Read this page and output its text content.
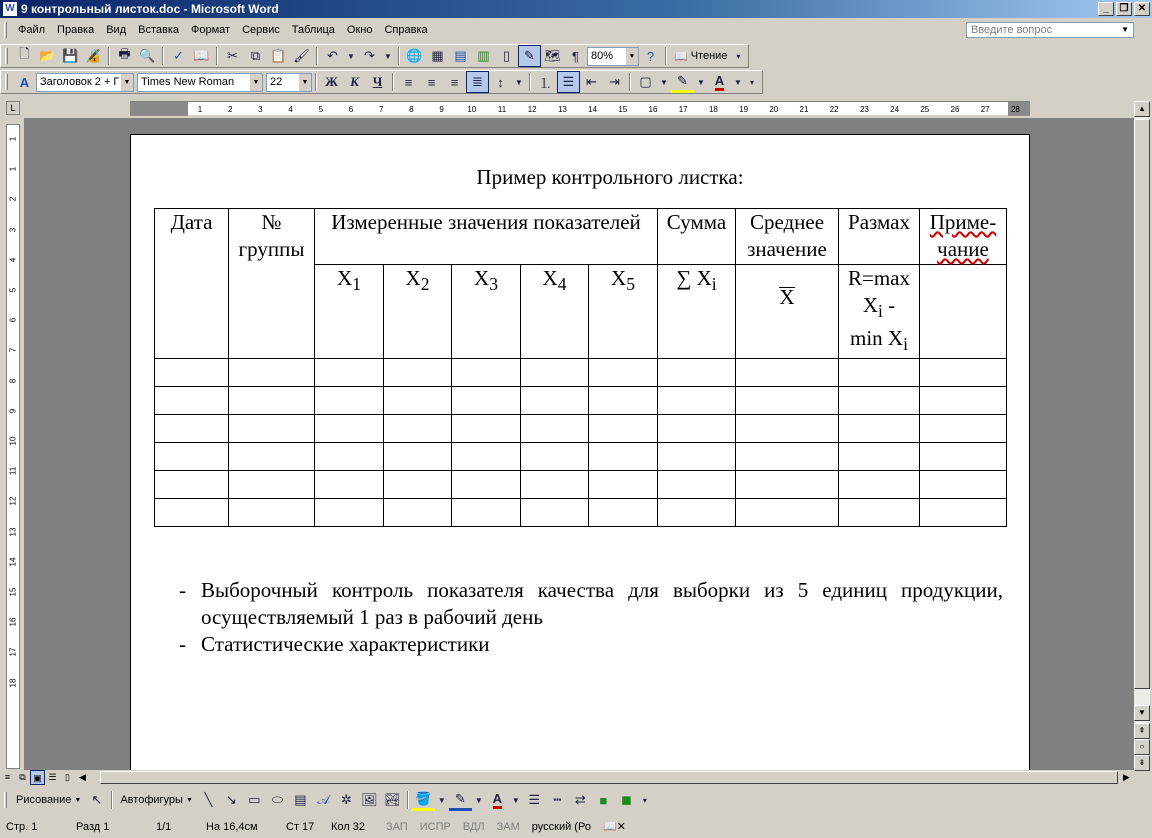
W 9 контрольный листок.doc - Microsoft Word	_	❐ ✕
Файл	Правка	Вид	Вставка	Формат	Сервис	Таблица	Окно	Справка	Введите вопрос	▼
🗋 📂 💾 🔏	🖶 🔍	✓ 📖	✂ ⧉ 📋 🖌	↶	▼ ↷	▼ 🌐 ▦ ▤ ▥	▯	✎ 🗺 ¶	80%	▼ ?	📖 Чтение	▾
A Заголовок 2 + Г ▼ Times New Roman	▼ 22	▼	Ж К	Ч	≡	≡	≡	≣	↕	▼	⒈ ☰ ⇤ ⇥	▢	▼ ✎	▼ A	▼	▾
L	1	2	3	4	5	6	7	8	9	10	11	12	13	14	15	16	17	18	19	20	21	22	23	24	25	26	27	28
1
1
2
3
4
5
6
7
8
9
10
11
12
13
14
15
16
17
18
Пример контрольного листка:
Дата	№ группы	Измеренные значения показателей					Сумма	Среднее значение	Размах	Приме-чание
		$X_1$	$X_2$	$X_3$	$X_4$	$X_5$	∑ $X_i$	X	R=max
$X_i$ -
$\min X_i$	

- Выборочный контроль показателя качества для выборки из 5 единиц продукции, осуществляемый 1 раз в рабочий день
- Статистические характеристики
▲
▼
⇞
○
⇟
≡	⧉ ▣ ☰ ▯	◀	▶
Рисование ▼ ↖	Автофигуры ▼ ╲	↘ ▭ ⬭ ▤ 𝒜 ✲ 🖼 🏞 🪣 ▼ ✎	▼ A	▼ ☰	┅	⇄	■	◼	▾
Стр. 1	Разд 1	1/1	На 16,4см	Ст 17	Кол 32	ЗАП	ИСПР	ВДЛ	ЗАМ	русский (Ро	📖✕
